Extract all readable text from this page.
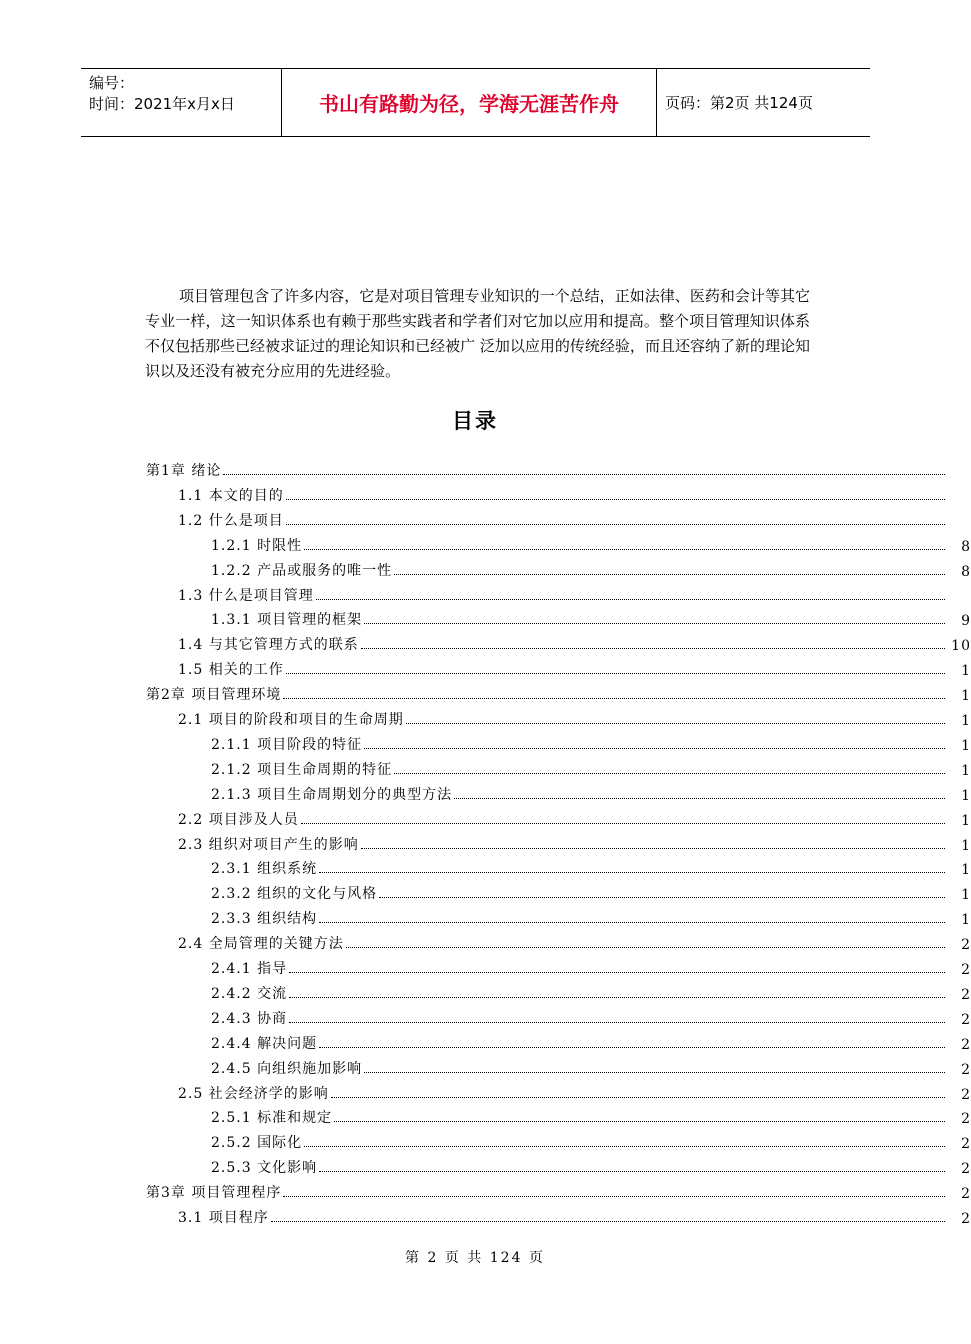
编号：
时间：2021年x月x日	书山有路勤为径，学海无涯苦作舟	页码：第2页 共124页

项目管理包含了许多内容，它是对项目管理专业知识的一个总结，正如法律、医药和会计等其它专业一样，这一知识体系也有赖于那些实践者和学者们对它加以应用和提高。整个项目管理知识体系不仅包括那些已经被求证过的理论知识和已经被广 泛加以应用的传统经验，而且还容纳了新的理论知识以及还没有被充分应用的先进经验。

目录
第1章 绪论
1.1 本文的目的
1.2 什么是项目
1.2.1 时限性	8
1.2.2 产品或服务的唯一性	8
1.3 什么是项目管理
1.3.1 项目管理的框架	9
1.4 与其它管理方式的联系	10
1.5 相关的工作	1
第2章 项目管理环境	1
2.1 项目的阶段和项目的生命周期	1
2.1.1 项目阶段的特征	1
2.1.2 项目生命周期的特征	1
2.1.3 项目生命周期划分的典型方法	1
2.2 项目涉及人员	1
2.3 组织对项目产生的影响	1
2.3.1 组织系统	1
2.3.2 组织的文化与风格	1
2.3.3 组织结构	1
2.4 全局管理的关键方法	2
2.4.1 指导	2
2.4.2 交流	2
2.4.3 协商	2
2.4.4 解决问题	2
2.4.5 向组织施加影响	2
2.5 社会经济学的影响	2
2.5.1 标准和规定	2
2.5.2 国际化	2
2.5.3 文化影响	2
第3章 项目管理程序	2
3.1 项目程序	2
第 2 页 共 124 页
